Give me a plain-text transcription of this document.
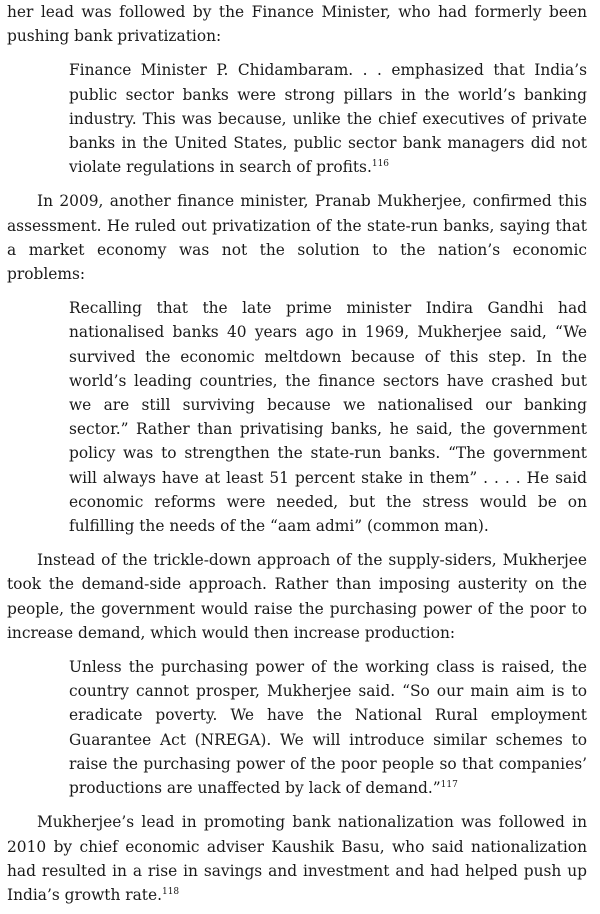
her lead was followed by the Finance Minister, who had formerly been pushing bank privatization:

Finance Minister P. Chidambaram. . . emphasized that India’s public sector banks were strong pillars in the world’s banking industry. This was because, unlike the chief executives of private banks in the United States, public sector bank managers did not violate regulations in search of profits.$^{116}$

In 2009, another finance minister, Pranab Mukherjee, confirmed this assessment. He ruled out privatization of the state-run banks, saying that a market economy was not the solution to the nation’s economic problems:

Recalling that the late prime minister Indira Gandhi had nationalised banks 40 years ago in 1969, Mukherjee said, “We survived the economic meltdown because of this step. In the world’s leading countries, the finance sectors have crashed but we are still surviving because we nationalised our banking sector.” Rather than privatising banks, he said, the government policy was to strengthen the state-run banks. “The government will always have at least 51 percent stake in them” . . . . He said economic reforms were needed, but the stress would be on fulfilling the needs of the “aam admi” (common man).

Instead of the trickle-down approach of the supply-siders, Mukherjee took the demand-side approach. Rather than imposing austerity on the people, the government would raise the purchasing power of the poor to increase demand, which would then increase production:

Unless the purchasing power of the working class is raised, the country cannot prosper, Mukherjee said. “So our main aim is to eradicate poverty. We have the National Rural employment Guarantee Act (NREGA). We will introduce similar schemes to raise the purchasing power of the poor people so that companies’ productions are unaffected by lack of demand.”$^{117}$

Mukherjee’s lead in promoting bank nationalization was followed in 2010 by chief economic adviser Kaushik Basu, who said nationalization had resulted in a rise in savings and investment and had helped push up India’s growth rate.$^{118}$
